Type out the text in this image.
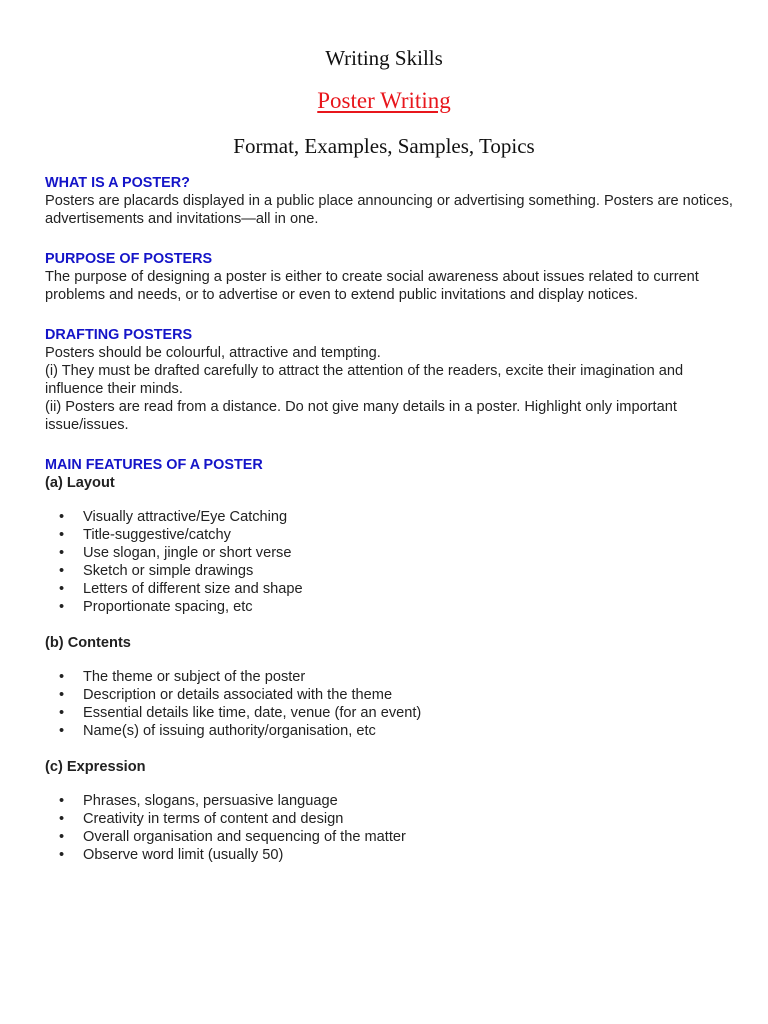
Writing Skills
Poster Writing
Format, Examples, Samples, Topics

WHAT IS A POSTER?

Posters are placards displayed in a public place announcing or advertising something. Posters are notices, advertisements and invitations—all in one.

PURPOSE OF POSTERS

The purpose of designing a poster is either to create social awareness about issues related to current problems and needs, or to advertise or even to extend public invitations and display notices.

DRAFTING POSTERS

Posters should be colourful, attractive and tempting.

(i) They must be drafted carefully to attract the attention of the readers, excite their imagination and influence their minds.

(ii) Posters are read from a distance. Do not give many details in a poster. Highlight only important issue/issues.

MAIN FEATURES OF A POSTER

(a) Layout

• Visually attractive/Eye Catching
• Title-suggestive/catchy
• Use slogan, jingle or short verse
• Sketch or simple drawings
• Letters of different size and shape
• Proportionate spacing, etc

(b) Contents

• The theme or subject of the poster
• Description or details associated with the theme
• Essential details like time, date, venue (for an event)
• Name(s) of issuing authority/organisation, etc

(c) Expression

• Phrases, slogans, persuasive language
• Creativity in terms of content and design
• Overall organisation and sequencing of the matter
• Observe word limit (usually 50)
